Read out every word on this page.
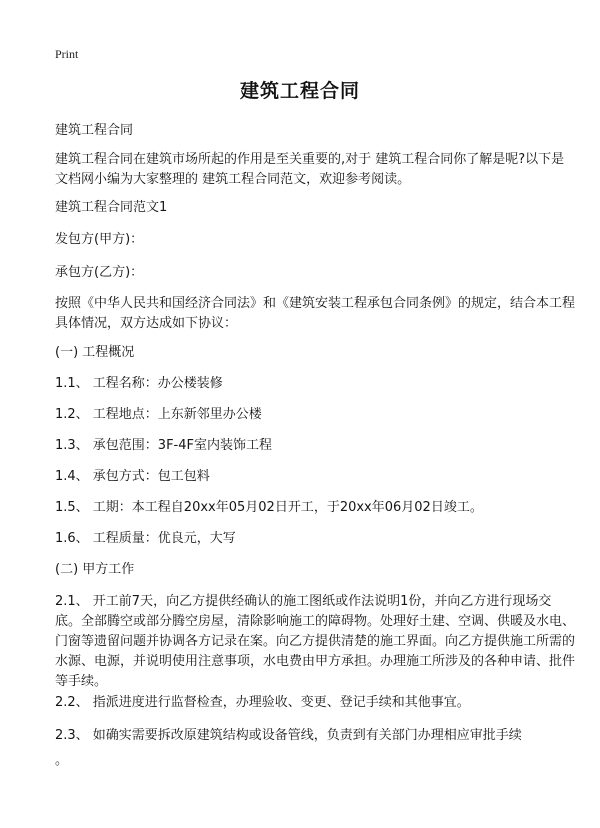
Print
建筑工程合同
建筑工程合同
建筑工程合同在建筑市场所起的作用是至关重要的,对于 建筑工程合同你了解是呢?以下是文档网小编为大家整理的 建筑工程合同范文，欢迎参考阅读。
建筑工程合同范文1
发包方(甲方)：
承包方(乙方)：
按照《中华人民共和国经济合同法》和《建筑安装工程承包合同条例》的规定，结合本工程具体情况，双方达成如下协议：
(一) 工程概况
1.1、 工程名称：办公楼装修
1.2、 工程地点：上东新邻里办公楼
1.3、 承包范围：3F-4F室内装饰工程
1.4、 承包方式：包工包料
1.5、 工期：本工程自20xx年05月02日开工，于20xx年06月02日竣工。
1.6、 工程质量：优良元，大写
(二) 甲方工作
2.1、 开工前7天，向乙方提供经确认的施工图纸或作法说明1份，并向乙方进行现场交底。全部腾空或部分腾空房屋，清除影响施工的障碍物。处理好土建、空调、供暖及水电、门窗等遗留问题并协调各方记录在案。向乙方提供清楚的施工界面。向乙方提供施工所需的水源、电源，并说明使用注意事项，水电费由甲方承担。办理施工所涉及的各种申请、批件等手续。
2.2、 指派进度进行监督检查，办理验收、变更、登记手续和其他事宜。
2.3、 如确实需要拆改原建筑结构或设备管线，负责到有关部门办理相应审批手续
。
